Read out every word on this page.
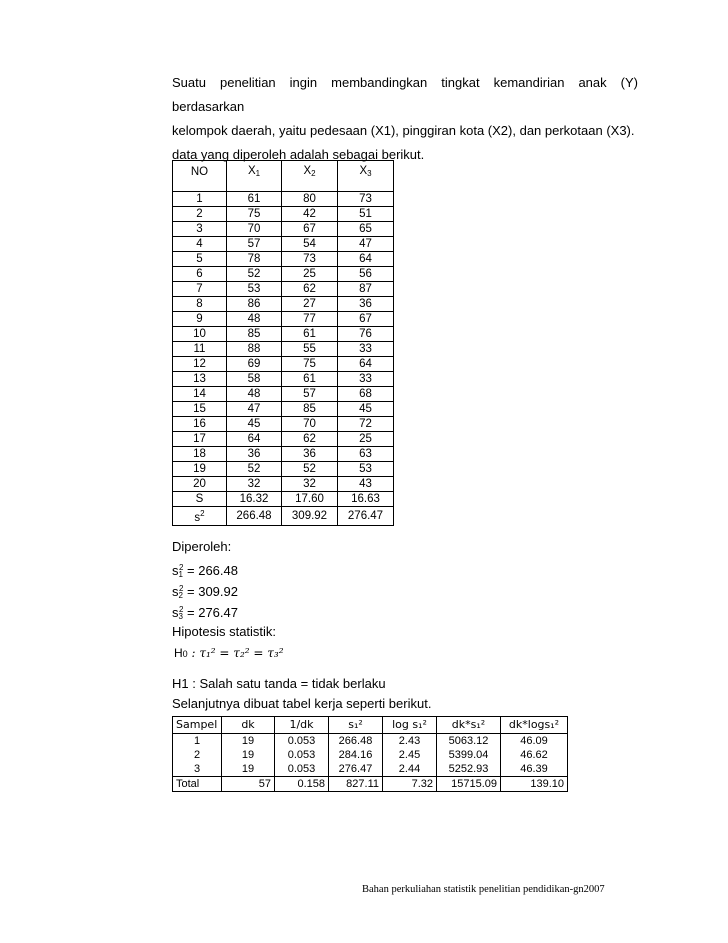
Suatu penelitian ingin membandingkan tingkat kemandirian anak (Y) berdasarkan

kelompok daerah, yaitu pedesaan (X1), pinggiran kota (X2), dan perkotaan (X3).

data yang diperoleh adalah sebagai berikut.

NO	$X_1$	$X_2$	$X_3$

1	61	80	73
2	75	42	51
3	70	67	65
4	57	54	47
5	78	73	64
6	52	25	56
7	53	62	87
8	86	27	36
9	48	77	67
10	85	61	76
11	88	55	33
12	69	75	64
13	58	61	33
14	48	57	68
15	47	85	45
16	45	70	72
17	64	62	25
18	36	36	63
19	52	52	53
20	32	32	43
S	16.32	17.60	16.63
$s^2$	266.48	309.92	276.47
Diperoleh:
$s_1^2 = 266.48$
$s_2^2 = 309.92$
$s_3^2 = 276.47$
Hipotesis statistik:
H0 : τ₁² = τ₂² = τ₃²
H1 : Salah satu tanda = tidak berlaku
Selanjutnya dibuat tabel kerja seperti berikut.
Sampel	dk	1/dk	s₁²	log s₁²	dk*s₁²	dk*logs₁²
1	19	0.053	266.48	2.43	5063.12	46.09
2	19	0.053	284.16	2.45	5399.04	46.62
3	19	0.053	276.47	2.44	5252.93	46.39
Total	57	0.158	827.11	7.32	15715.09	139.10
Bahan perkuliahan statistik penelitian pendidikan-gn2007
